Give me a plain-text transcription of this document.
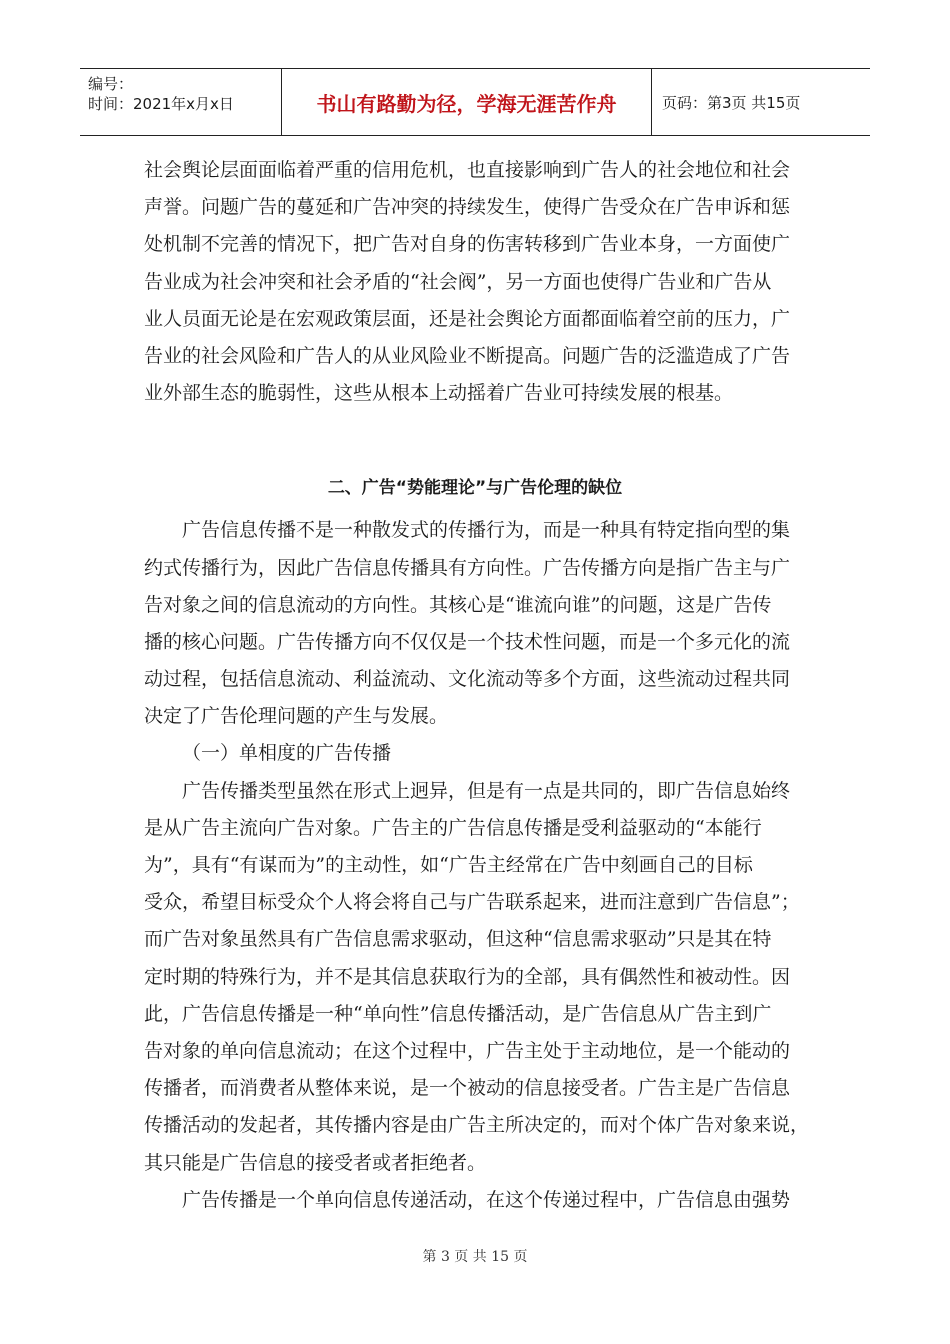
编号：
时间：2021年x月x日	书山有路勤为径，学海无涯苦作舟	页码：第3页 共15页
社会舆论层面面临着严重的信用危机，也直接影响到广告人的社会地位和社会
声誉。问题广告的蔓延和广告冲突的持续发生，使得广告受众在广告申诉和惩
处机制不完善的情况下，把广告对自身的伤害转移到广告业本身，一方面使广
告业成为社会冲突和社会矛盾的“社会阀”，另一方面也使得广告业和广告从
业人员面无论是在宏观政策层面，还是社会舆论方面都面临着空前的压力，广
告业的社会风险和广告人的从业风险业不断提高。问题广告的泛滥造成了广告
业外部生态的脆弱性，这些从根本上动摇着广告业可持续发展的根基。
二、广告“势能理论”与广告伦理的缺位
广告信息传播不是一种散发式的传播行为，而是一种具有特定指向型的集
约式传播行为，因此广告信息传播具有方向性。广告传播方向是指广告主与广
告对象之间的信息流动的方向性。其核心是“谁流向谁”的问题，这是广告传
播的核心问题。广告传播方向不仅仅是一个技术性问题，而是一个多元化的流
动过程，包括信息流动、利益流动、文化流动等多个方面，这些流动过程共同
决定了广告伦理问题的产生与发展。
（一）单相度的广告传播
广告传播类型虽然在形式上迥异，但是有一点是共同的，即广告信息始终
是从广告主流向广告对象。广告主的广告信息传播是受利益驱动的“本能行
为”，具有“有谋而为”的主动性，如“广告主经常在广告中刻画自己的目标
受众，希望目标受众个人将会将自己与广告联系起来，进而注意到广告信息”；
而广告对象虽然具有广告信息需求驱动，但这种“信息需求驱动”只是其在特
定时期的特殊行为，并不是其信息获取行为的全部，具有偶然性和被动性。因
此，广告信息传播是一种“单向性”信息传播活动，是广告信息从广告主到广
告对象的单向信息流动；在这个过程中，广告主处于主动地位，是一个能动的
传播者，而消费者从整体来说，是一个被动的信息接受者。广告主是广告信息
传播活动的发起者，其传播内容是由广告主所决定的，而对个体广告对象来说，
其只能是广告信息的接受者或者拒绝者。
广告传播是一个单向信息传递活动，在这个传递过程中，广告信息由强势
第 3 页 共 15 页
